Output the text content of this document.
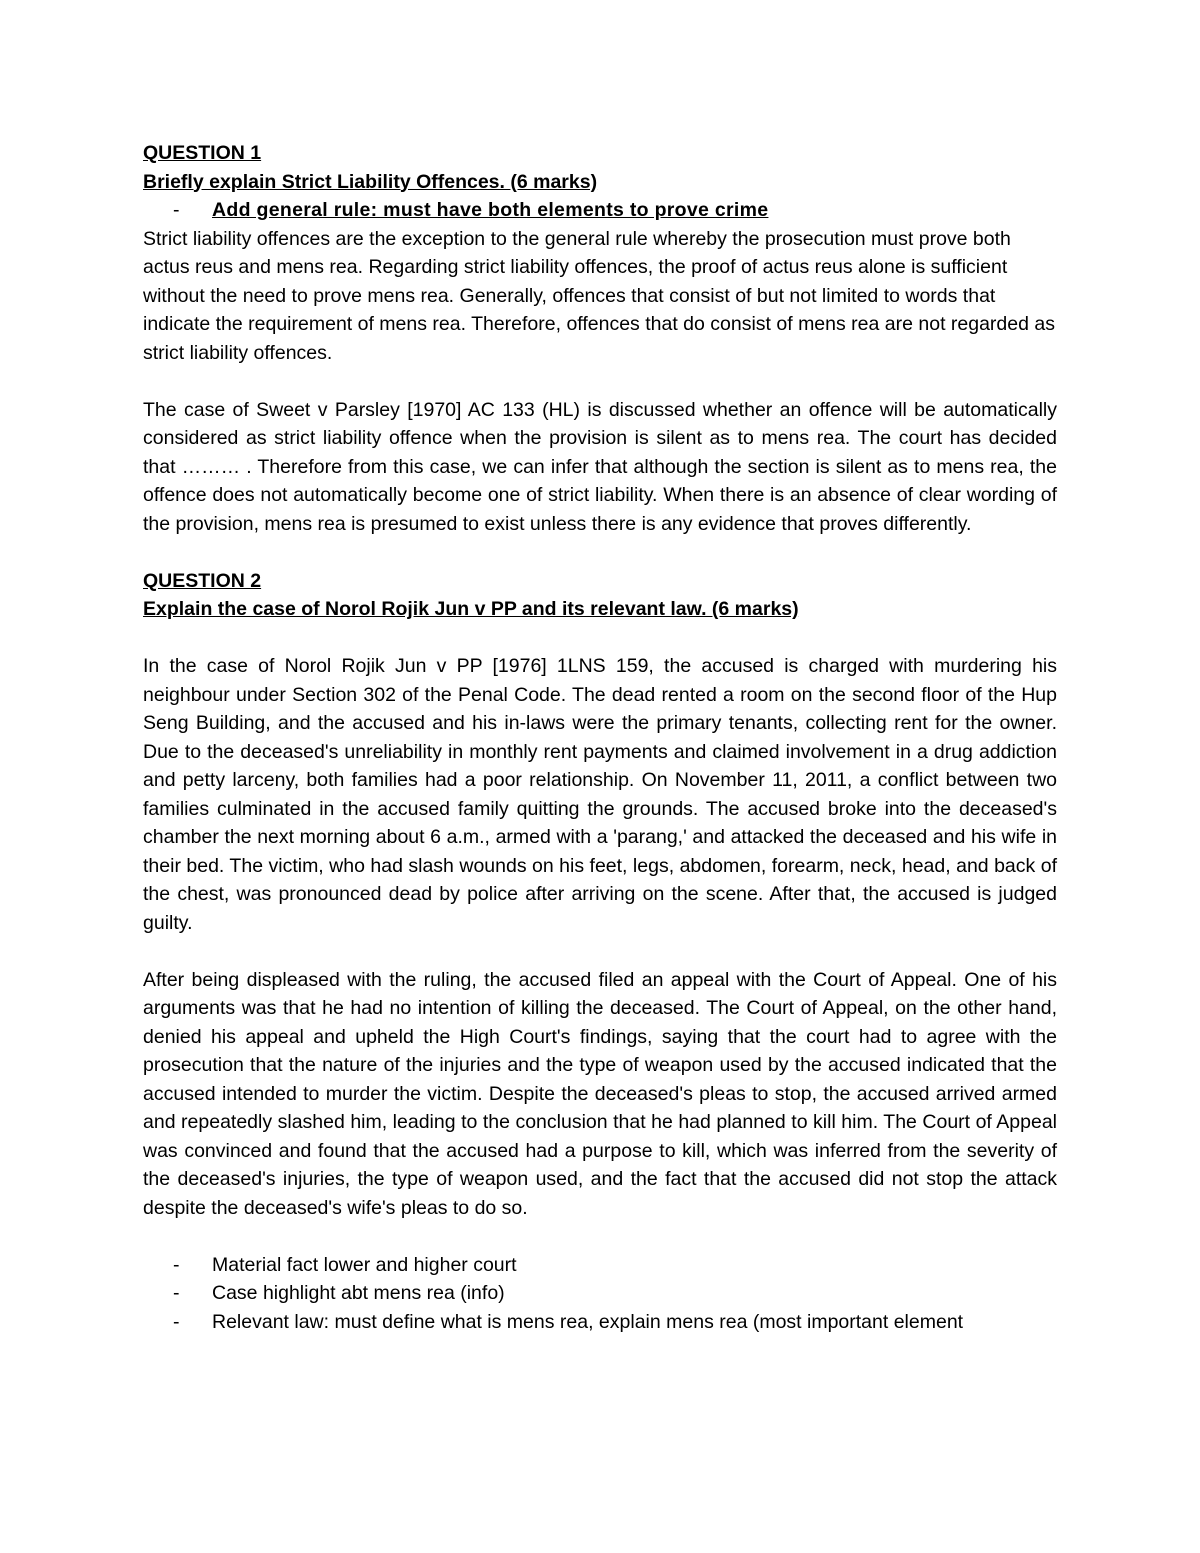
QUESTION 1
Briefly explain Strict Liability Offences. (6 marks)
-	Add general rule: must have both elements to prove crime

Strict liability offences are the exception to the general rule whereby the prosecution must prove both actus reus and mens rea. Regarding strict liability offences, the proof of actus reus alone is sufficient without the need to prove mens rea. Generally, offences that consist of but not limited to words that indicate the requirement of mens rea. Therefore, offences that do consist of mens rea are not regarded as strict liability offences.

The case of Sweet v Parsley [1970] AC 133 (HL) is discussed whether an offence will be automatically considered as strict liability offence when the provision is silent as to mens rea. The court has decided that ……… . Therefore from this case, we can infer that although the section is silent as to mens rea, the offence does not automatically become one of strict liability. When there is an absence of clear wording of the provision, mens rea is presumed to exist unless there is any evidence that proves differently.

QUESTION 2
Explain the case of Norol Rojik Jun v PP and its relevant law. (6 marks)

In the case of Norol Rojik Jun v PP [1976] 1LNS 159, the accused is charged with murdering his neighbour under Section 302 of the Penal Code. The dead rented a room on the second floor of the Hup Seng Building, and the accused and his in-laws were the primary tenants, collecting rent for the owner. Due to the deceased's unreliability in monthly rent payments and claimed involvement in a drug addiction and petty larceny, both families had a poor relationship. On November 11, 2011, a conflict between two families culminated in the accused family quitting the grounds. The accused broke into the deceased's chamber the next morning about 6 a.m., armed with a 'parang,' and attacked the deceased and his wife in their bed. The victim, who had slash wounds on his feet, legs, abdomen, forearm, neck, head, and back of the chest, was pronounced dead by police after arriving on the scene. After that, the accused is judged guilty.

After being displeased with the ruling, the accused filed an appeal with the Court of Appeal. One of his arguments was that he had no intention of killing the deceased. The Court of Appeal, on the other hand, denied his appeal and upheld the High Court's findings, saying that the court had to agree with the prosecution that the nature of the injuries and the type of weapon used by the accused indicated that the accused intended to murder the victim. Despite the deceased's pleas to stop, the accused arrived armed and repeatedly slashed him, leading to the conclusion that he had planned to kill him. The Court of Appeal was convinced and found that the accused had a purpose to kill, which was inferred from the severity of the deceased's injuries, the type of weapon used, and the fact that the accused did not stop the attack despite the deceased's wife's pleas to do so.

-	Material fact lower and higher court
-	Case highlight abt mens rea (info)
-	Relevant law: must define what is mens rea, explain mens rea (most important element
